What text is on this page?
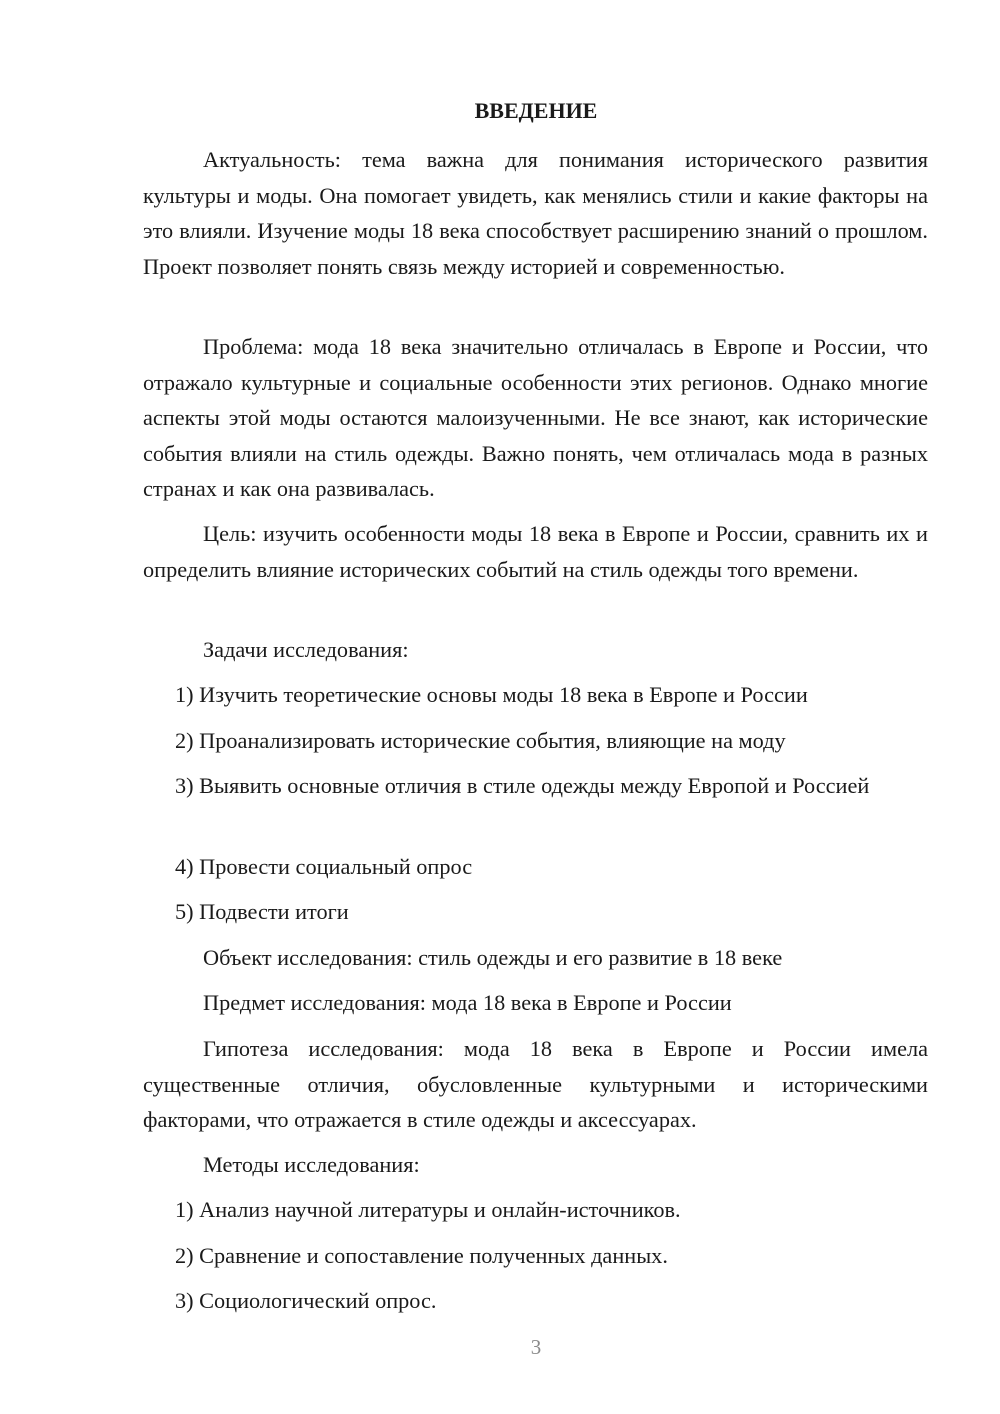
ВВЕДЕНИЕ

Актуальность: тема важна для понимания исторического развития культуры и моды. Она помогает увидеть, как менялись стили и какие факторы на это влияли. Изучение моды 18 века способствует расширению знаний о прошлом. Проект позволяет понять связь между историей и современностью.

Проблема: мода 18 века значительно отличалась в Европе и России, что отражало культурные и социальные особенности этих регионов. Однако многие аспекты этой моды остаются малоизученными. Не все знают, как исторические события влияли на стиль одежды. Важно понять, чем отличалась мода в разных странах и как она развивалась.

Цель: изучить особенности моды 18 века в Европе и России, сравнить их и определить влияние исторических событий на стиль одежды того времени.

Задачи исследования:

1) Изучить теоретические основы моды 18 века в Европе и России

2) Проанализировать исторические события, влияющие на моду

3) Выявить основные отличия в стиле одежды между Европой и Россией

4) Провести социальный опрос

5) Подвести итоги

Объект исследования: стиль одежды и его развитие в 18 веке

Предмет исследования: мода 18 века в Европе и России

Гипотеза исследования: мода 18 века в Европе и России имела существенные отличия, обусловленные культурными и историческими факторами, что отражается в стиле одежды и аксессуарах.

Методы исследования:

1) Анализ научной литературы и онлайн-источников.

2) Сравнение и сопоставление полученных данных.

3) Социологический опрос.

3
